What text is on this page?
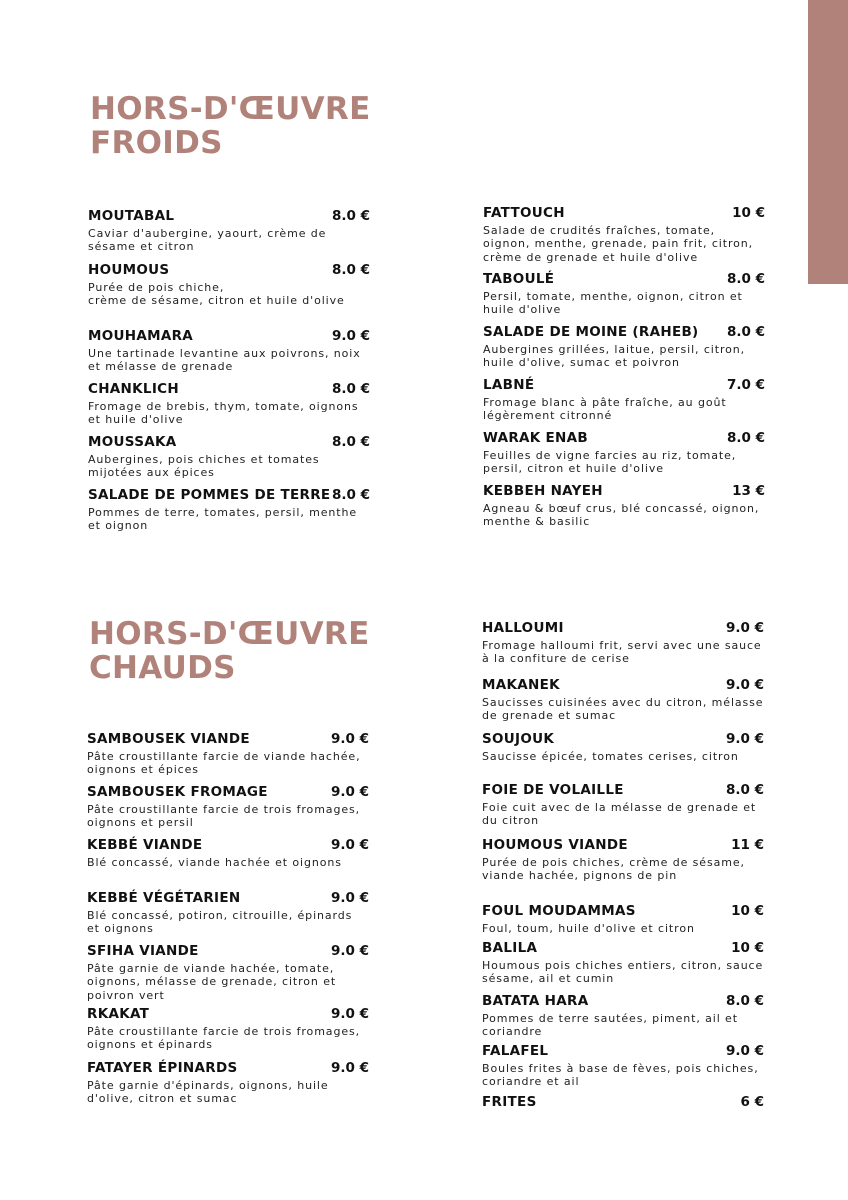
HORS-D'ŒUVRE
FROIDS
HORS-D'ŒUVRE
CHAUDS
MOUTABAL	8.0 €
Caviar d'aubergine, yaourt, crème de sésame et citron
HOUMOUS	8.0 €
Purée de pois chiche,
crème de sésame, citron et huile d'olive
MOUHAMARA	9.0 €
Une tartinade levantine aux poivrons, noix et mélasse de grenade
CHANKLICH	8.0 €
Fromage de brebis, thym, tomate, oignons et huile d'olive
MOUSSAKA	8.0 €
Aubergines, pois chiches et tomates mijotées aux épices
SALADE DE POMMES DE TERRE 8.0 €
Pommes de terre, tomates, persil, menthe et oignon
FATTOUCH	10 €
Salade de crudités fraîches, tomate, oignon, menthe, grenade, pain frit, citron, crème de grenade et huile d'olive
TABOULÉ	8.0 €
Persil, tomate, menthe, oignon, citron et huile d'olive
SALADE DE MOINE (RAHEB) 8.0 €
Aubergines grillées, laitue, persil, citron, huile d'olive, sumac et poivron
LABNÉ	7.0 €
Fromage blanc à pâte fraîche, au goût légèrement citronné
WARAK ENAB	8.0 €
Feuilles de vigne farcies au riz, tomate, persil, citron et huile d'olive
KEBBEH NAYEH	13 €
Agneau & bœuf crus, blé concassé, oignon, menthe & basilic
SAMBOUSEK VIANDE	9.0 €
Pâte croustillante farcie de viande hachée, oignons et épices
SAMBOUSEK FROMAGE	9.0 €
Pâte croustillante farcie de trois fromages, oignons et persil
KEBBÉ VIANDE	9.0 €
Blé concassé, viande hachée et oignons
KEBBÉ VÉGÉTARIEN	9.0 €
Blé concassé, potiron, citrouille, épinards et oignons
SFIHA VIANDE	9.0 €
Pâte garnie de viande hachée, tomate, oignons, mélasse de grenade, citron et poivron vert
RKAKAT	9.0 €
Pâte croustillante farcie de trois fromages, oignons et épinards
FATAYER ÉPINARDS	9.0 €
Pâte garnie d'épinards, oignons, huile d'olive, citron et sumac
HALLOUMI	9.0 €
Fromage halloumi frit, servi avec une sauce à la confiture de cerise
MAKANEK	9.0 €
Saucisses cuisinées avec du citron, mélasse de grenade et sumac
SOUJOUK	9.0 €
Saucisse épicée, tomates cerises, citron
FOIE DE VOLAILLE	8.0 €
Foie cuit avec de la mélasse de grenade et du citron
HOUMOUS VIANDE	11 €
Purée de pois chiches, crème de sésame, viande hachée, pignons de pin
FOUL MOUDAMMAS	10 €
Foul, toum, huile d'olive et citron
BALILA	10 €
Houmous pois chiches entiers, citron, sauce sésame, ail et cumin
BATATA HARA	8.0 €
Pommes de terre sautées, piment, ail et coriandre
FALAFEL	9.0 €
Boules frites à base de fèves, pois chiches, coriandre et ail
FRITES	6 €
